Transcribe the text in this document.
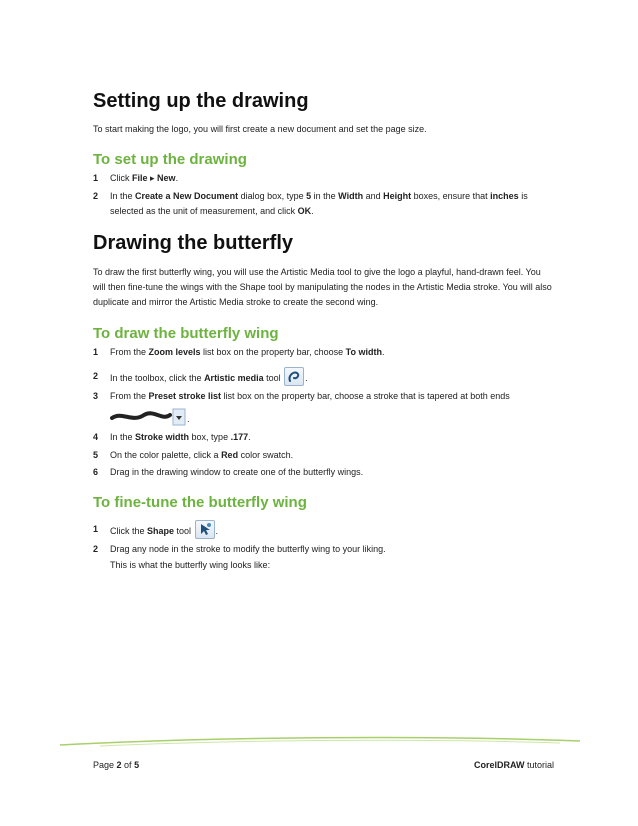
Setting up the drawing

To start making the logo, you will first create a new document and set the page size.

To set up the drawing
1 Click File ▸ New.
2 In the Create a New Document dialog box, type 5 in the Width and Height boxes, ensure that inches is selected as the unit of measurement, and click OK.
Drawing the butterfly

To draw the first butterfly wing, you will use the Artistic Media tool to give the logo a playful, hand-drawn feel. You will then fine-tune the wings with the Shape tool by manipulating the nodes in the Artistic Media stroke. You will also duplicate and mirror the Artistic Media stroke to create the second wing.

To draw the butterfly wing
1 From the Zoom levels list box on the property bar, choose To width.
2 In the toolbox, click the Artistic media tool .
3 From the Preset stroke list list box on the property bar, choose a stroke that is tapered at both ends
.
4 In the Stroke width box, type .177.
5 On the color palette, click a Red color swatch.
6 Drag in the drawing window to create one of the butterfly wings.
To fine-tune the butterfly wing
1 Click the Shape tool .
2 Drag any node in the stroke to modify the butterfly wing to your liking.

This is what the butterfly wing looks like:

Page 2 of 5	CorelDRAW tutorial
